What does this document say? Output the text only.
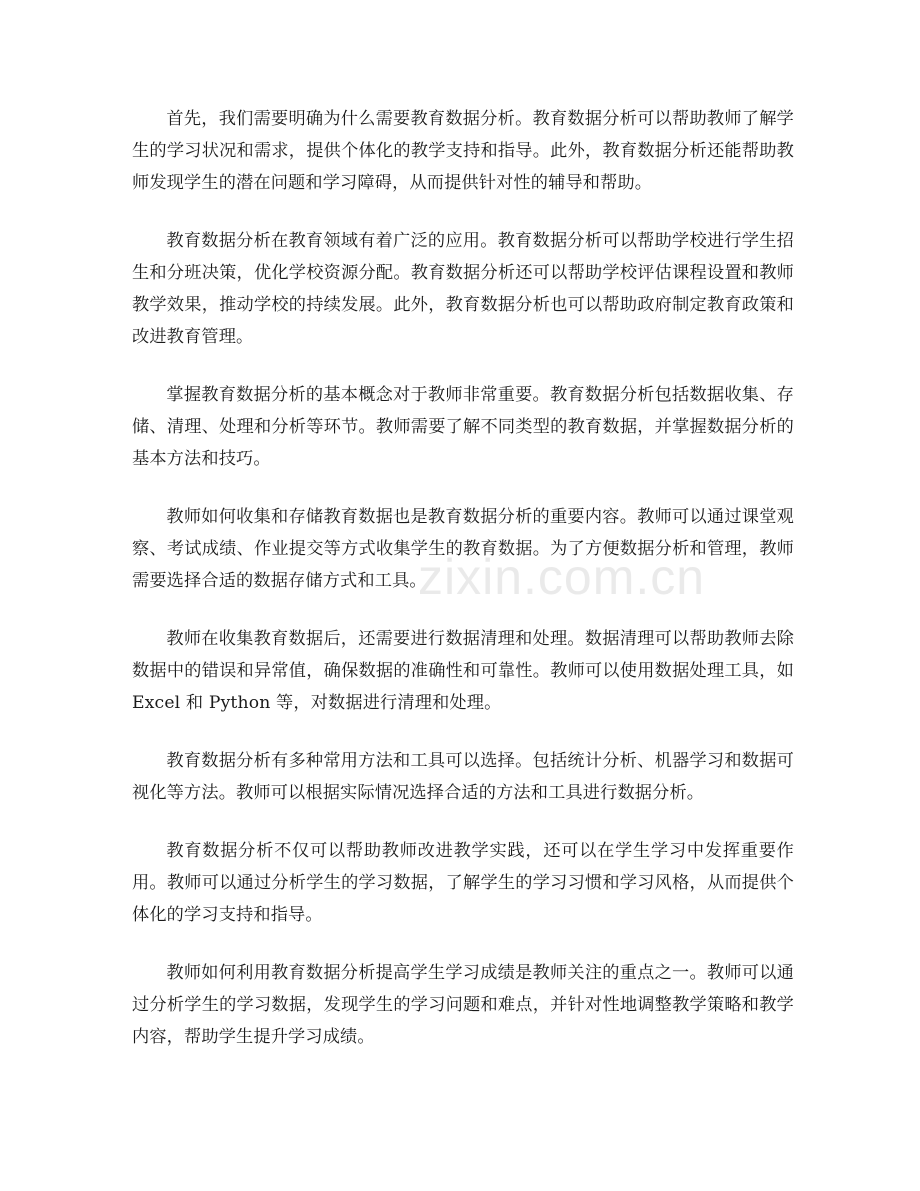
首先，我们需要明确为什么需要教育数据分析。教育数据分析可以帮助教师了解学生的学习状况和需求，提供个体化的教学支持和指导。此外，教育数据分析还能帮助教师发现学生的潜在问题和学习障碍，从而提供针对性的辅导和帮助。

教育数据分析在教育领域有着广泛的应用。教育数据分析可以帮助学校进行学生招生和分班决策，优化学校资源分配。教育数据分析还可以帮助学校评估课程设置和教师教学效果，推动学校的持续发展。此外，教育数据分析也可以帮助政府制定教育政策和改进教育管理。

掌握教育数据分析的基本概念对于教师非常重要。教育数据分析包括数据收集、存储、清理、处理和分析等环节。教师需要了解不同类型的教育数据，并掌握数据分析的基本方法和技巧。

教师如何收集和存储教育数据也是教育数据分析的重要内容。教师可以通过课堂观察、考试成绩、作业提交等方式收集学生的教育数据。为了方便数据分析和管理，教师需要选择合适的数据存储方式和工具。

教师在收集教育数据后，还需要进行数据清理和处理。数据清理可以帮助教师去除数据中的错误和异常值，确保数据的准确性和可靠性。教师可以使用数据处理工具，如 Excel 和 Python 等，对数据进行清理和处理。

教育数据分析有多种常用方法和工具可以选择。包括统计分析、机器学习和数据可视化等方法。教师可以根据实际情况选择合适的方法和工具进行数据分析。

教育数据分析不仅可以帮助教师改进教学实践，还可以在学生学习中发挥重要作用。教师可以通过分析学生的学习数据，了解学生的学习习惯和学习风格，从而提供个体化的学习支持和指导。

教师如何利用教育数据分析提高学生学习成绩是教师关注的重点之一。教师可以通过分析学生的学习数据，发现学生的学习问题和难点，并针对性地调整教学策略和教学内容，帮助学生提升学习成绩。

zixin.com.cn
